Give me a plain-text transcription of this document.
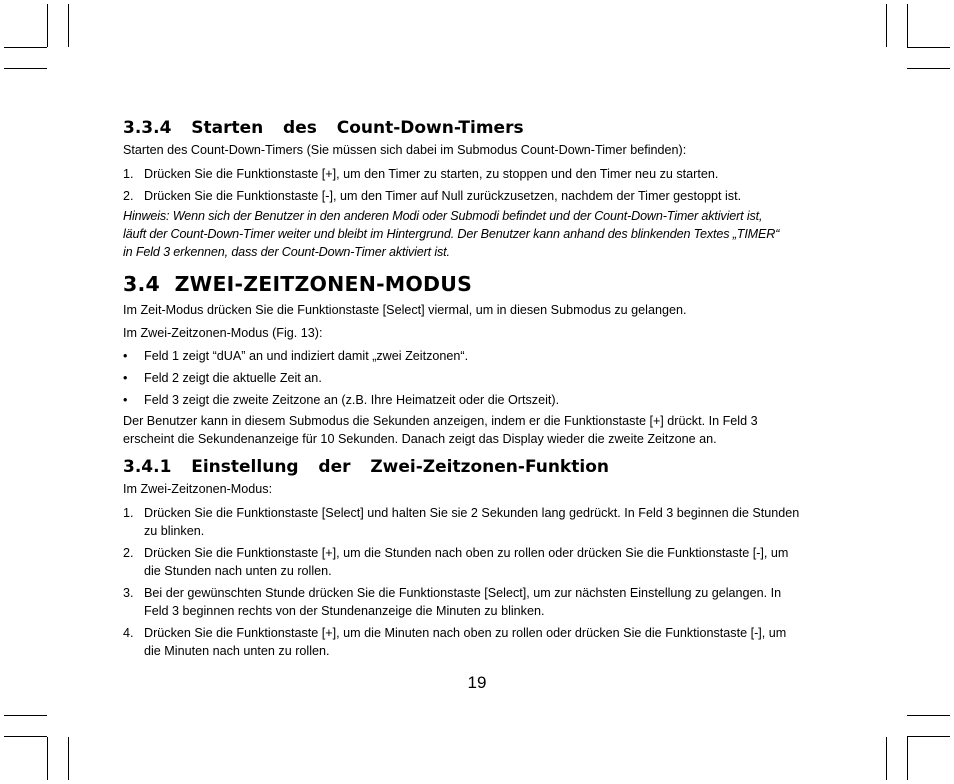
3.3.4  Starten  des  Count-Down-Timers

Starten des Count-Down-Timers (Sie müssen sich dabei im Submodus Count-Down-Timer befinden):

1. Drücken Sie die Funktionstaste [+], um den Timer zu starten, zu stoppen und den Timer neu zu starten.
2. Drücken Sie die Funktionstaste [-], um den Timer auf Null zurückzusetzen, nachdem der Timer gestoppt ist.

Hinweis: Wenn sich der Benutzer in den anderen Modi oder Submodi befindet und der Count-Down-Timer aktiviert ist,

läuft der Count-Down-Timer weiter und bleibt im Hintergrund. Der Benutzer kann anhand des blinkenden Textes „TIMER“

in Feld 3 erkennen, dass der Count-Down-Timer aktiviert ist.

3.4  ZWEI-ZEITZONEN-MODUS

Im Zeit-Modus drücken Sie die Funktionstaste [Select] viermal, um in diesen Submodus zu gelangen.

Im Zwei-Zeitzonen-Modus (Fig. 13):

• Feld 1 zeigt “dUA” an und indiziert damit „zwei Zeitzonen“.
• Feld 2 zeigt die aktuelle Zeit an.
• Feld 3 zeigt die zweite Zeitzone an (z.B. Ihre Heimatzeit oder die Ortszeit).

Der Benutzer kann in diesem Submodus die Sekunden anzeigen, indem er die Funktionstaste [+] drückt. In Feld 3

erscheint die Sekundenanzeige für 10 Sekunden. Danach zeigt das Display wieder die zweite Zeitzone an.

3.4.1  Einstellung  der  Zwei-Zeitzonen-Funktion

Im Zwei-Zeitzonen-Modus:

1. Drücken Sie die Funktionstaste [Select] und halten Sie sie 2 Sekunden lang gedrückt. In Feld 3 beginnen die Stunden
zu blinken.
2. Drücken Sie die Funktionstaste [+], um die Stunden nach oben zu rollen oder drücken Sie die Funktionstaste [-], um
die Stunden nach unten zu rollen.
3. Bei der gewünschten Stunde drücken Sie die Funktionstaste [Select], um zur nächsten Einstellung zu gelangen. In
Feld 3 beginnen rechts von der Stundenanzeige die Minuten zu blinken.
4. Drücken Sie die Funktionstaste [+], um die Minuten nach oben zu rollen oder drücken Sie die Funktionstaste [-], um
die Minuten nach unten zu rollen.
19
